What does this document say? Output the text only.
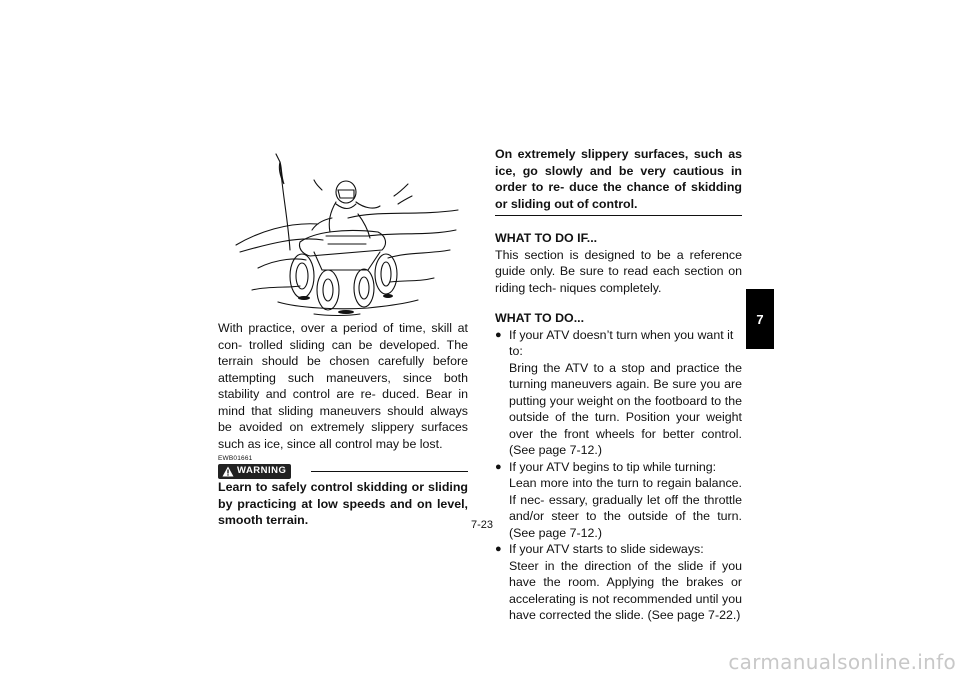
With practice, over a period of time, skill at con- trolled sliding can be developed. The terrain should be chosen carefully before attempting such maneuvers, since both stability and control are re- duced. Bear in mind that sliding maneuvers should always be avoided on extremely slippery surfaces such as ice, since all control may be lost.

EWB01661
WARNING

Learn to safely control skidding or sliding by practicing at low speeds and on level, smooth terrain.

On extremely slippery surfaces, such as ice, go slowly and be very cautious in order to re- duce the chance of skidding or sliding out of control.

WHAT TO DO IF...

This section is designed to be a reference guide only. Be sure to read each section on riding tech- niques completely.

WHAT TO DO...
● If your ATV doesn’t turn when you want it to:

Bring the ATV to a stop and practice the turning maneuvers again. Be sure you are putting your weight on the footboard to the outside of the turn. Position your weight over the front wheels for better control. (See page 7-12.)

● If your ATV begins to tip while turning:

Lean more into the turn to regain balance. If nec- essary, gradually let off the throttle and/or steer to the outside of the turn. (See page 7-12.)

● If your ATV starts to slide sideways:

Steer in the direction of the slide if you have the room. Applying the brakes or accelerating is not recommended until you have corrected the slide. (See page 7-22.)

7
7-23
carmanualsonline.info
